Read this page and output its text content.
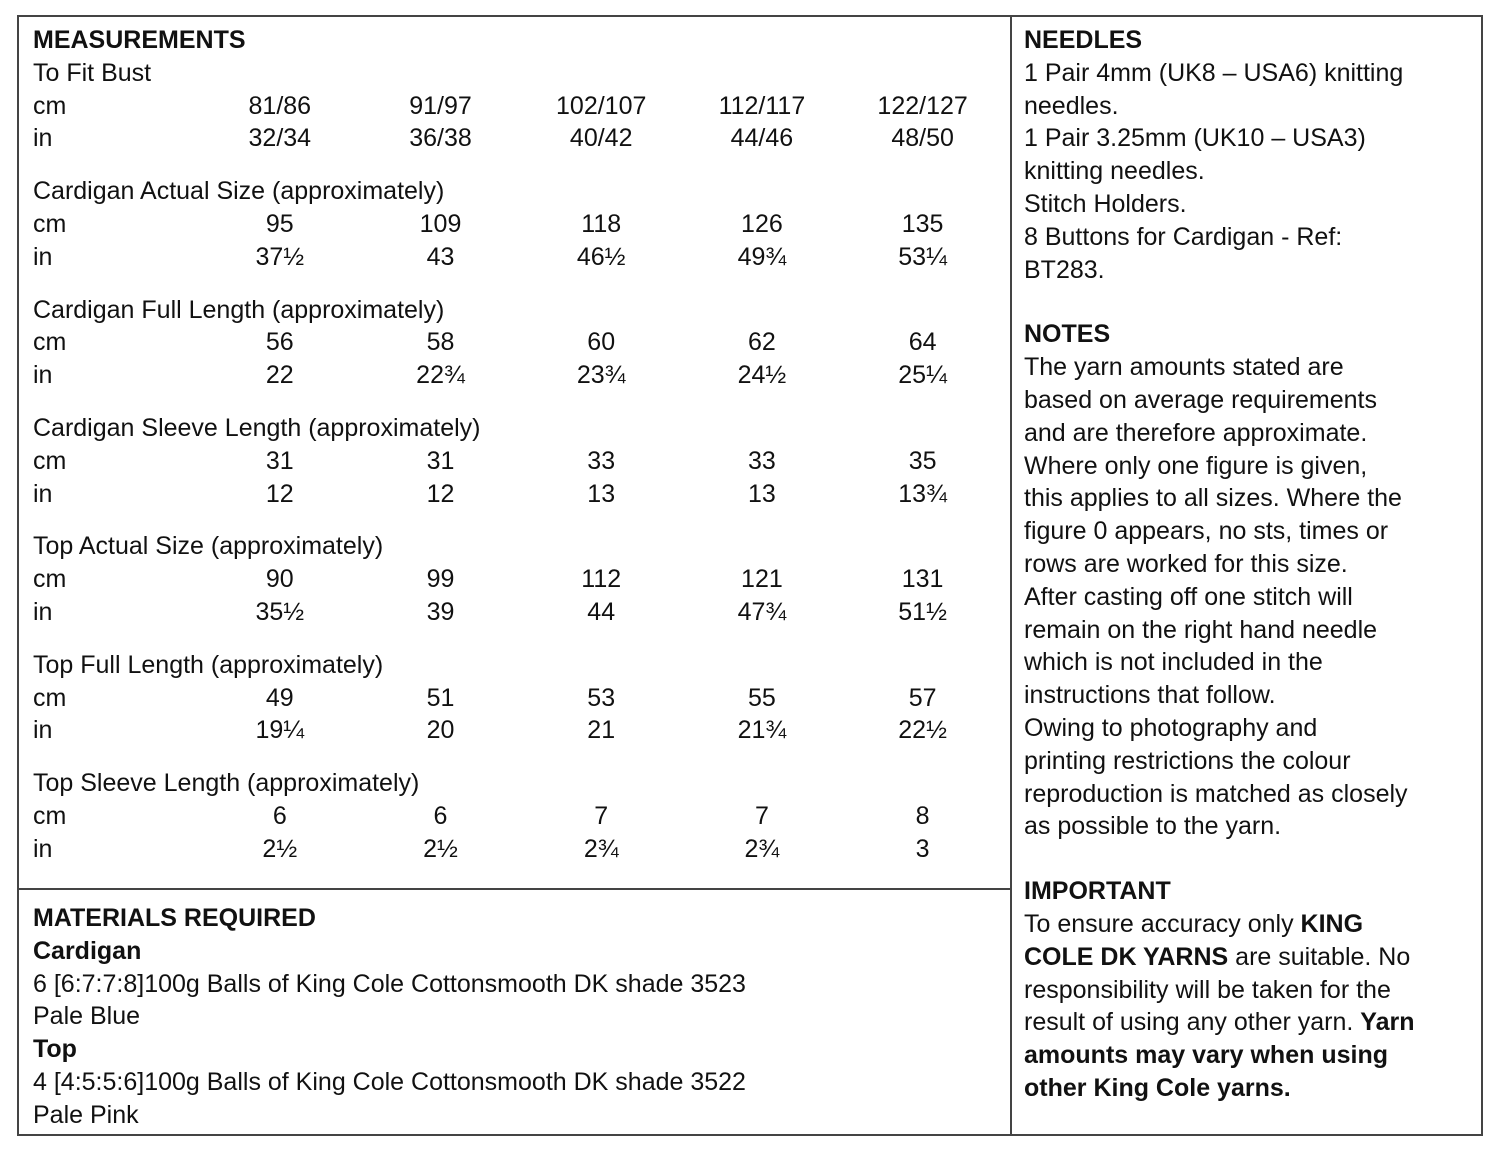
MEASUREMENTS
To Fit Bust
cm	81/86	91/97	102/107	112/117	122/127
in	32/34	36/38	40/42	44/46	48/50
Cardigan Actual Size (approximately)
cm	95	109	118	126	135
in	37½	43	46½	49¾	53¼
Cardigan Full Length (approximately)
cm	56	58	60	62	64
in	22	22¾	23¾	24½	25¼
Cardigan Sleeve Length (approximately)
cm	31	31	33	33	35
in	12	12	13	13	13¾
Top Actual Size (approximately)
cm	90	99	112	121	131
in	35½	39	44	47¾	51½
Top Full Length (approximately)
cm	49	51	53	55	57
in	19¼	20	21	21¾	22½
Top Sleeve Length (approximately)
cm	6	6	7	7	8
in	2½	2½	2¾	2¾	3
MATERIALS REQUIRED
Cardigan
6 [6:7:7:8]100g Balls of King Cole Cottonsmooth DK shade 3523
Pale Blue
Top
4 [4:5:5:6]100g Balls of King Cole Cottonsmooth DK shade 3522
Pale Pink
NEEDLES
1 Pair 4mm (UK8 – USA6) knitting
needles.
1 Pair 3.25mm (UK10 – USA3)
knitting needles.
Stitch Holders.
8 Buttons for Cardigan - Ref:
BT283.
NOTES
The yarn amounts stated are
based on average requirements
and are therefore approximate.
Where only one figure is given,
this applies to all sizes. Where the
figure 0 appears, no sts, times or
rows are worked for this size.
After casting off one stitch will
remain on the right hand needle
which is not included in the
instructions that follow.
Owing to photography and
printing restrictions the colour
reproduction is matched as closely
as possible to the yarn.
IMPORTANT
To ensure accuracy only KING
COLE DK YARNS are suitable. No
responsibility will be taken for the
result of using any other yarn. Yarn
amounts may vary when using
other King Cole yarns.
